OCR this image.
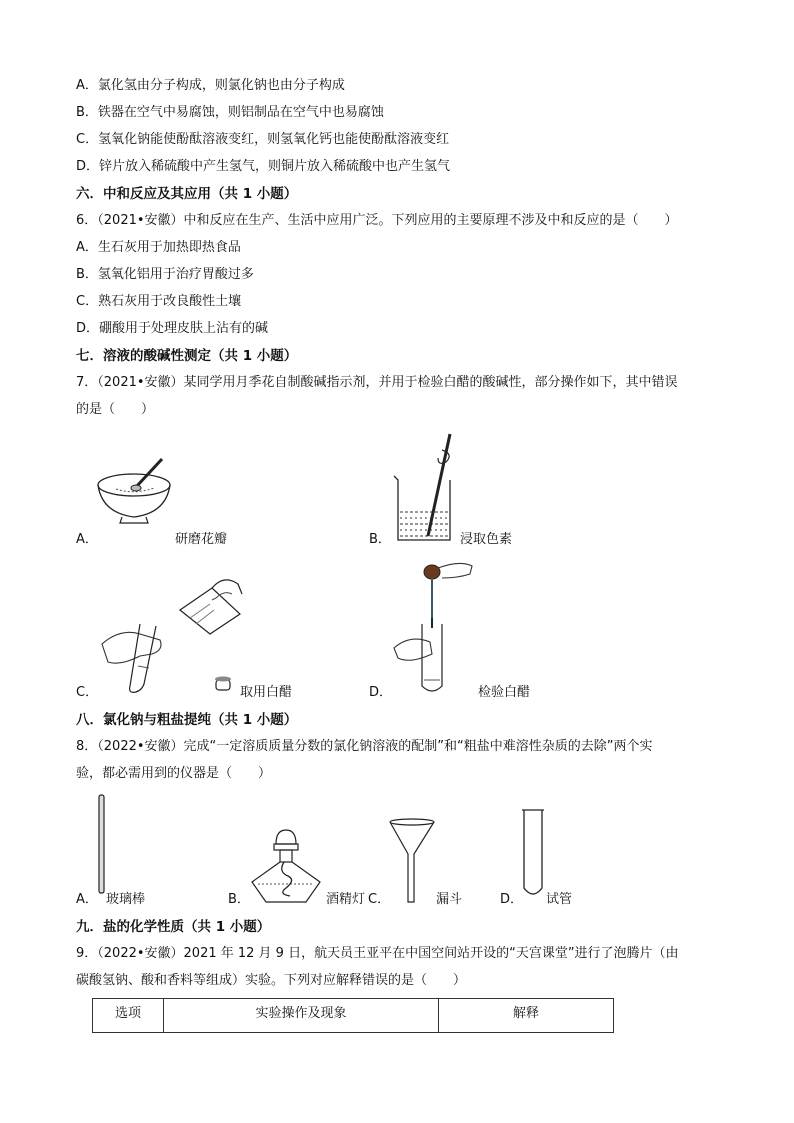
A．氯化氢由分子构成，则氯化钠也由分子构成
B．铁器在空气中易腐蚀，则铝制品在空气中也易腐蚀
C．氢氧化钠能使酚酞溶液变红，则氢氧化钙也能使酚酞溶液变红
D．锌片放入稀硫酸中产生氢气，则铜片放入稀硫酸中也产生氢气
六．中和反应及其应用（共 1 小题）
6．（2021•安徽）中和反应在生产、生活中应用广泛。下列应用的主要原理不涉及中和反应的是（　　）
A．生石灰用于加热即热食品
B．氢氧化铝用于治疗胃酸过多
C．熟石灰用于改良酸性土壤
D．硼酸用于处理皮肤上沾有的碱
七．溶液的酸碱性测定（共 1 小题）
7．（2021•安徽）某同学用月季花自制酸碱指示剂，并用于检验白醋的酸碱性，部分操作如下，其中错误
的是（　　）
A．	研磨花瓣	B．	浸取色素
C．	取用白醋	D．	检验白醋
八．氯化钠与粗盐提纯（共 1 小题）
8．（2022•安徽）完成“一定溶质质量分数的氯化钠溶液的配制”和“粗盐中难溶性杂质的去除”两个实
验，都必需用到的仪器是（　　）
A． 玻璃棒	B．	酒精灯 C．	漏斗	D． 试管
九．盐的化学性质（共 1 小题）
9．（2022•安徽）2021 年 12 月 9 日，航天员王亚平在中国空间站开设的“天宫课堂”进行了泡腾片（由
碳酸氢钠、酸和香料等组成）实验。下列对应解释错误的是（　　）
选项	实验操作及现象	解释
